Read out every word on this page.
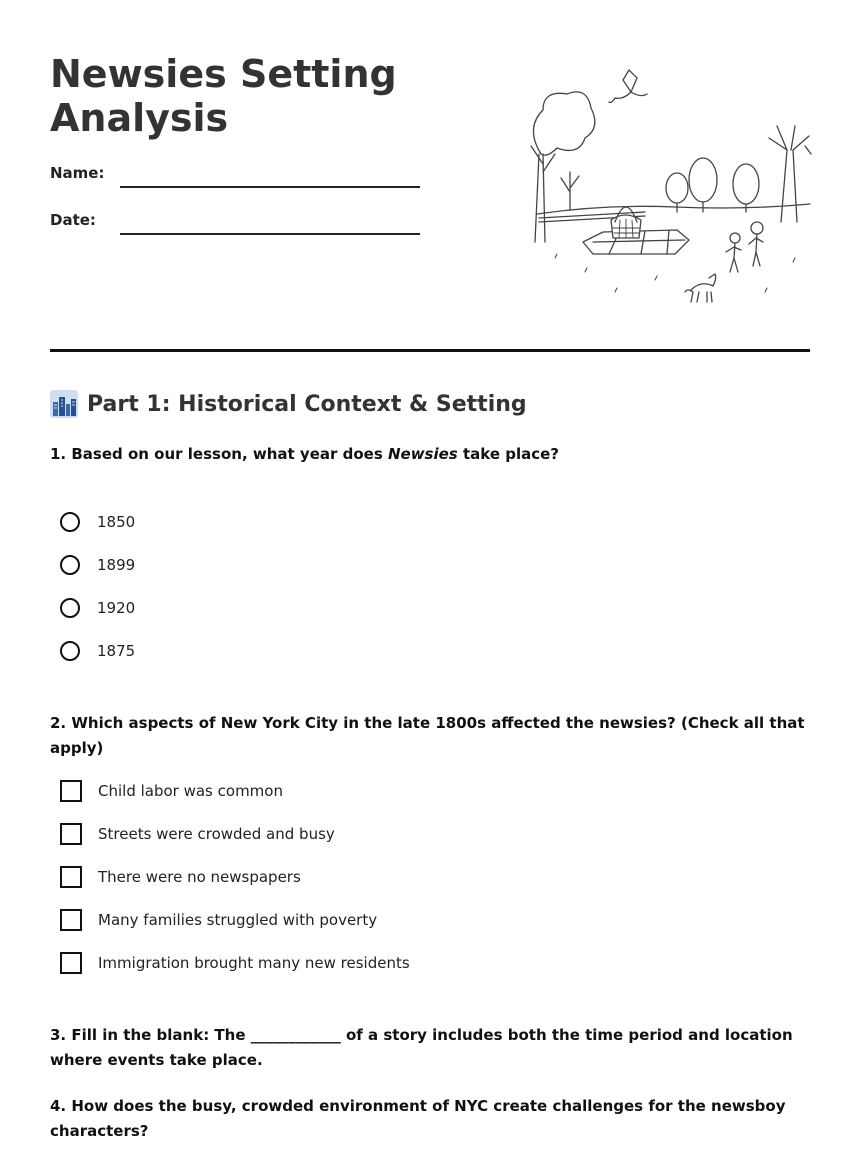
Newsies Setting Analysis
Name:
Date:
Part 1: Historical Context & Setting
1. Based on our lesson, what year does Newsies take place?
1850
1899
1920
1875
2. Which aspects of New York City in the late 1800s affected the newsies? (Check all that apply)
Child labor was common
Streets were crowded and busy
There were no newspapers
Many families struggled with poverty
Immigration brought many new residents
3. Fill in the blank: The ____________ of a story includes both the time period and location where events take place.
4. How does the busy, crowded environment of NYC create challenges for the newsboy characters?
